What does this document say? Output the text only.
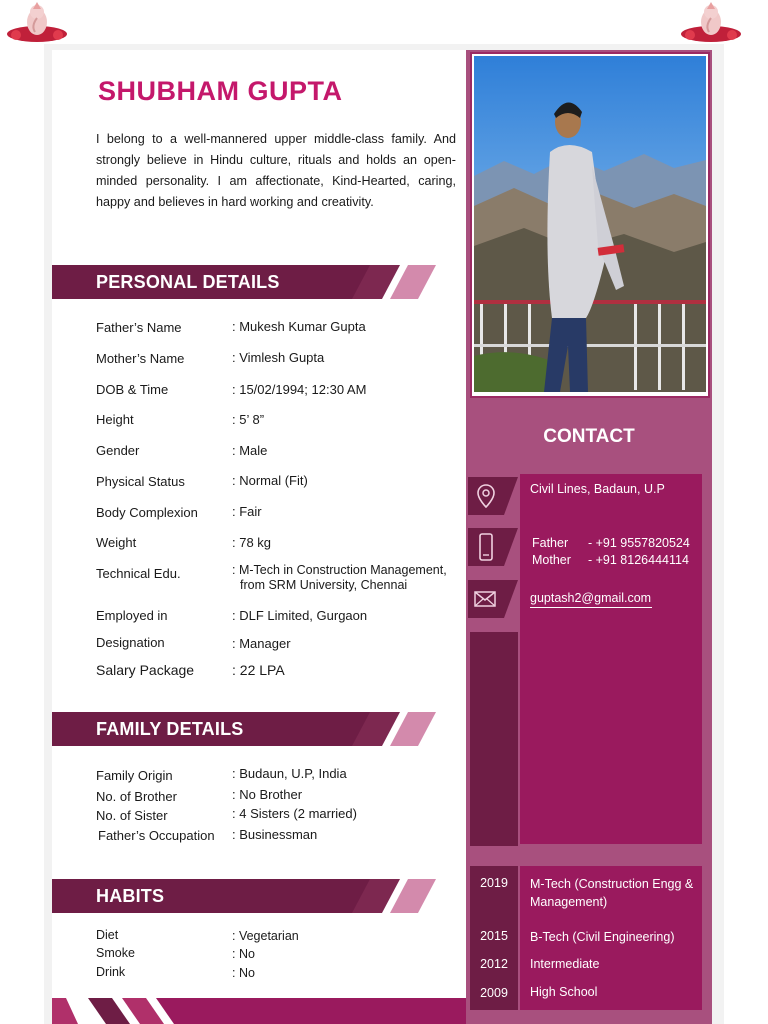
SHUBHAM GUPTA
I belong to a well-mannered upper middle-class family. And strongly believe in Hindu culture, rituals and holds an open-minded personality. I am affectionate, Kind-Hearted, caring, happy and believes in hard working and creativity.
PERSONAL DETAILS
Father’s Name	: Mukesh Kumar Gupta
Mother’s Name	: Vimlesh Gupta
DOB & Time	: 15/02/1994; 12:30 AM
Height	: 5’ 8”
Gender	: Male
Physical Status	: Normal (Fit)
Body Complexion	: Fair
Weight	: 78 kg
Technical Edu.	: M-Tech in Construction Management,
from SRM University, Chennai
Employed in	: DLF Limited, Gurgaon
Designation	: Manager
Salary Package	: 22 LPA
FAMILY DETAILS
Family Origin	: Budaun, U.P, India
No. of Brother	: No Brother
No. of Sister	: 4 Sisters (2 married)
Father’s Occupation : Businessman
HABITS
Diet	: Vegetarian
Smoke	: No
Drink	: No
CONTACT
Civil Lines, Badaun, U.P
Father - +91 9557820524
Mother - +91 8126444114
guptash2@gmail.com
2019	M-Tech (Construction Engg & Management)
2015	B-Tech (Civil Engineering)
2012	Intermediate
2009	High School
